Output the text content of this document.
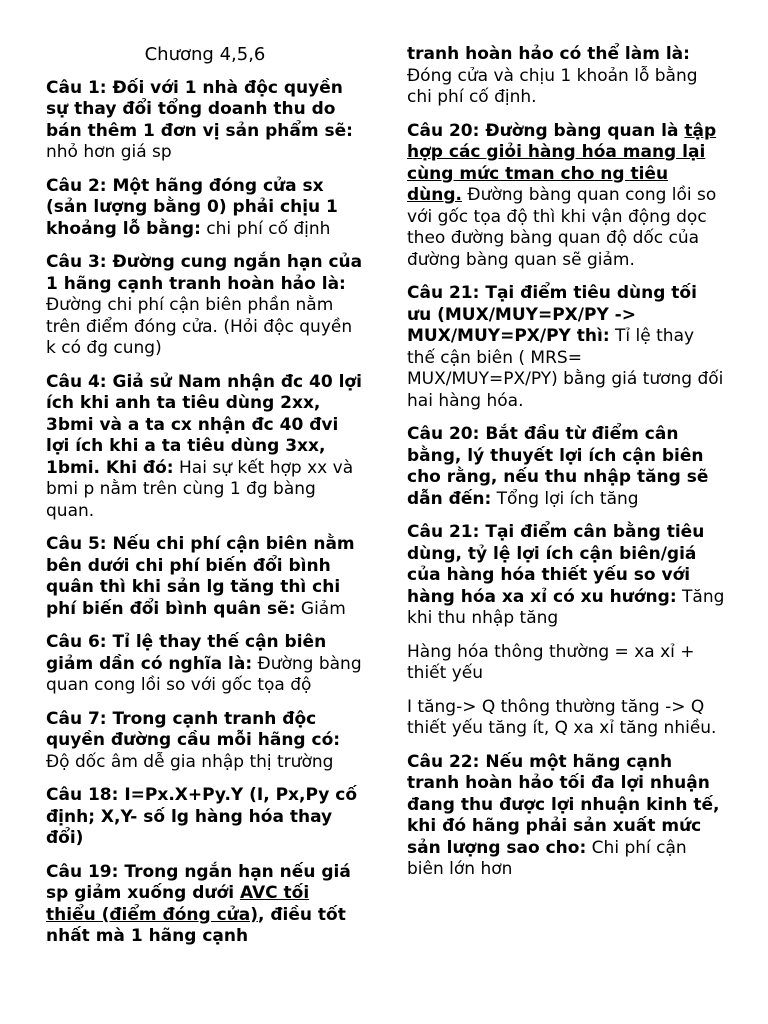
Chương 4,5,6

Câu 1: Đối với 1 nhà độc quyền sự thay đổi tổng doanh thu do bán thêm 1 đơn vị sản phẩm sẽ: nhỏ hơn giá sp

Câu 2: Một hãng đóng cửa sx (sản lượng bằng 0) phải chịu 1 khoảng lỗ bằng: chi phí cố định

Câu 3: Đường cung ngắn hạn của 1 hãng cạnh tranh hoàn hảo là: Đường chi phí cận biên phần nằm trên điểm đóng cửa. (Hỏi độc quyền k có đg cung)

Câu 4: Giả sử Nam nhận đc 40 lợi ích khi anh ta tiêu dùng 2xx, 3bmi và a ta cx nhận đc 40 đvi lợi ích khi a ta tiêu dùng 3xx, 1bmi. Khi đó: Hai sự kết hợp xx và bmi p nằm trên cùng 1 đg bàng quan.

Câu 5: Nếu chi phí cận biên nằm bên dưới chi phí biến đổi bình quân thì khi sản lg tăng thì chi phí biến đổi bình quân sẽ: Giảm

Câu 6: Tỉ lệ thay thế cận biên giảm dần có nghĩa là: Đường bàng quan cong lồi so với gốc tọa độ

Câu 7: Trong cạnh tranh độc quyền đường cầu mỗi hãng có: Độ dốc âm dễ gia nhập thị trường

Câu 18: I=Px.X+Py.Y (I, Px,Py cố định; X,Y- số lg hàng hóa thay đổi)

Câu 19: Trong ngắn hạn nếu giá sp giảm xuống dưới AVC tối thiểu (điểm đóng cửa), điều tốt nhất mà 1 hãng cạnh

tranh hoàn hảo có thể làm là: Đóng cửa và chịu 1 khoản lỗ bằng chi phí cố định.

Câu 20: Đường bàng quan là tập hợp các giỏi hàng hóa mang lại cùng mức tman cho ng tiêu dùng. Đường bàng quan cong lồi so với gốc tọa độ thì khi vận động dọc theo đường bàng quan độ dốc của đường bàng quan sẽ giảm.

Câu 21: Tại điểm tiêu dùng tối ưu (MUX/MUY=PX/PY -> MUX/MUY=PX/PY thì: Tỉ lệ thay thế cận biên ( MRS= MUX/MUY=PX/PY) bằng giá tương đối hai hàng hóa.

Câu 20: Bắt đầu từ điểm cân bằng, lý thuyết lợi ích cận biên cho rằng, nếu thu nhập tăng sẽ dẫn đến: Tổng lợi ích tăng

Câu 21: Tại điểm cân bằng tiêu dùng, tỷ lệ lợi ích cận biên/giá của hàng hóa thiết yếu so với hàng hóa xa xỉ có xu hướng: Tăng khi thu nhập tăng

Hàng hóa thông thường = xa xỉ + thiết yếu

I tăng-> Q thông thường tăng -> Q thiết yếu tăng ít, Q xa xỉ tăng nhiều.

Câu 22: Nếu một hãng cạnh tranh hoàn hảo tối đa lợi nhuận đang thu được lợi nhuận kinh tế, khi đó hãng phải sản xuất mức sản lượng sao cho: Chi phí cận biên lớn hơn
